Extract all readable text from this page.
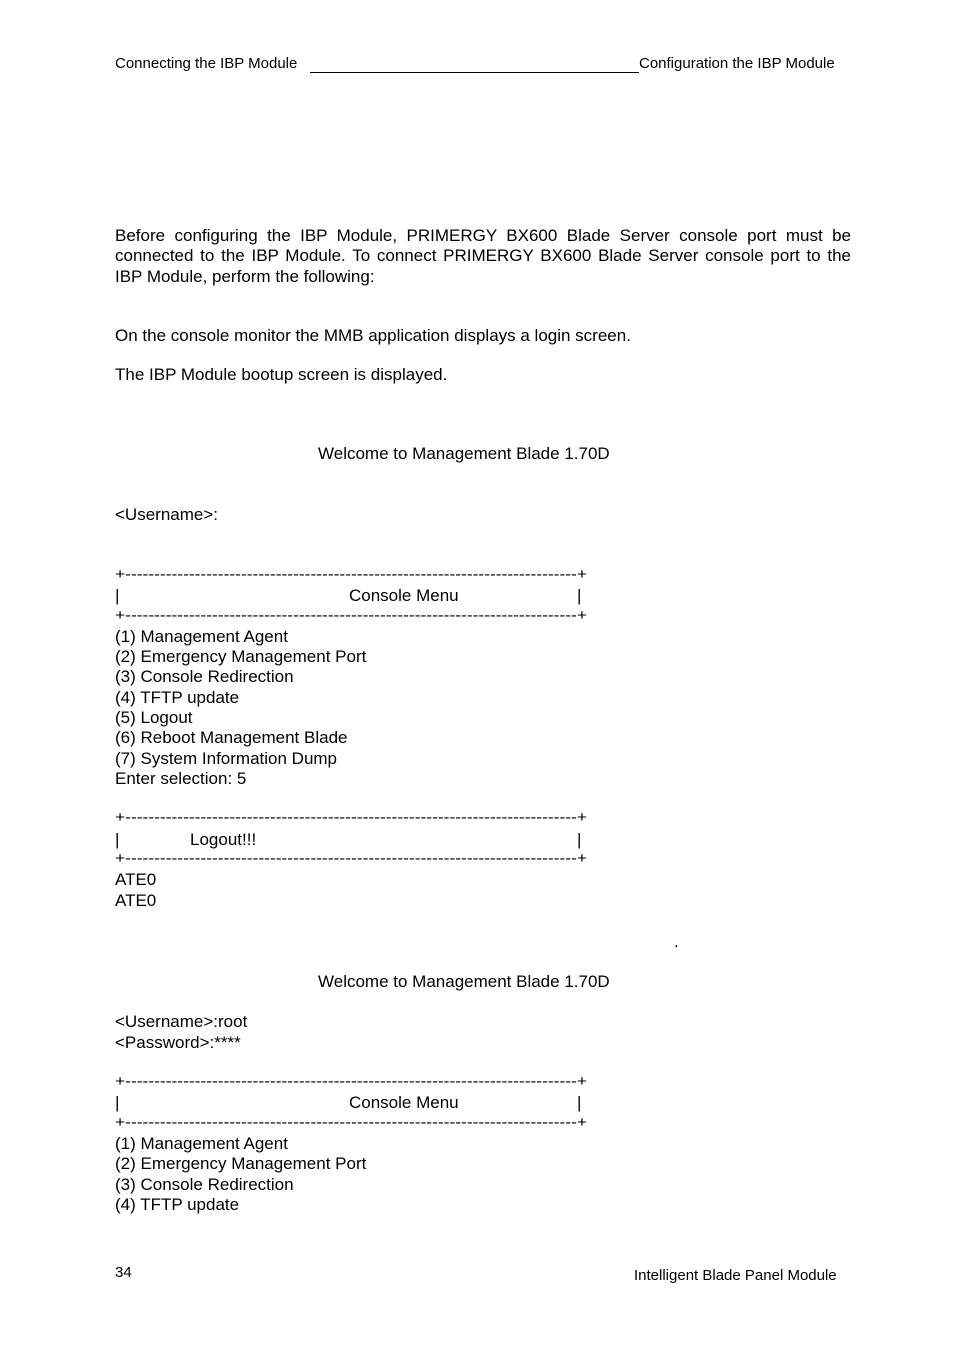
Connecting the IBP Module	Configuration the IBP Module
Before configuring the IBP Module, PRIMERGY BX600 Blade Server console port must be connected to the IBP Module. To connect PRIMERGY BX600 Blade Server console port to the IBP Module, perform the following:
On the console monitor the MMB application displays a login screen.
The IBP Module bootup screen is displayed.
Welcome to Management Blade 1.70D
<Username>:
+------------------------------------------------------------------------------+
|	Console Menu	|
+------------------------------------------------------------------------------+
(1) Management Agent
(2) Emergency Management Port
(3) Console Redirection
(4) TFTP update
(5) Logout
(6) Reboot Management Blade
(7) System Information Dump
Enter selection: 5
+------------------------------------------------------------------------------+
|	Logout!!!	|
+------------------------------------------------------------------------------+
ATE0
ATE0
.
Welcome to Management Blade 1.70D
<Username>:root
<Password>:****
+------------------------------------------------------------------------------+
|	Console Menu	|
+------------------------------------------------------------------------------+
(1) Management Agent
(2) Emergency Management Port
(3) Console Redirection
(4) TFTP update
34	Intelligent Blade Panel Module
